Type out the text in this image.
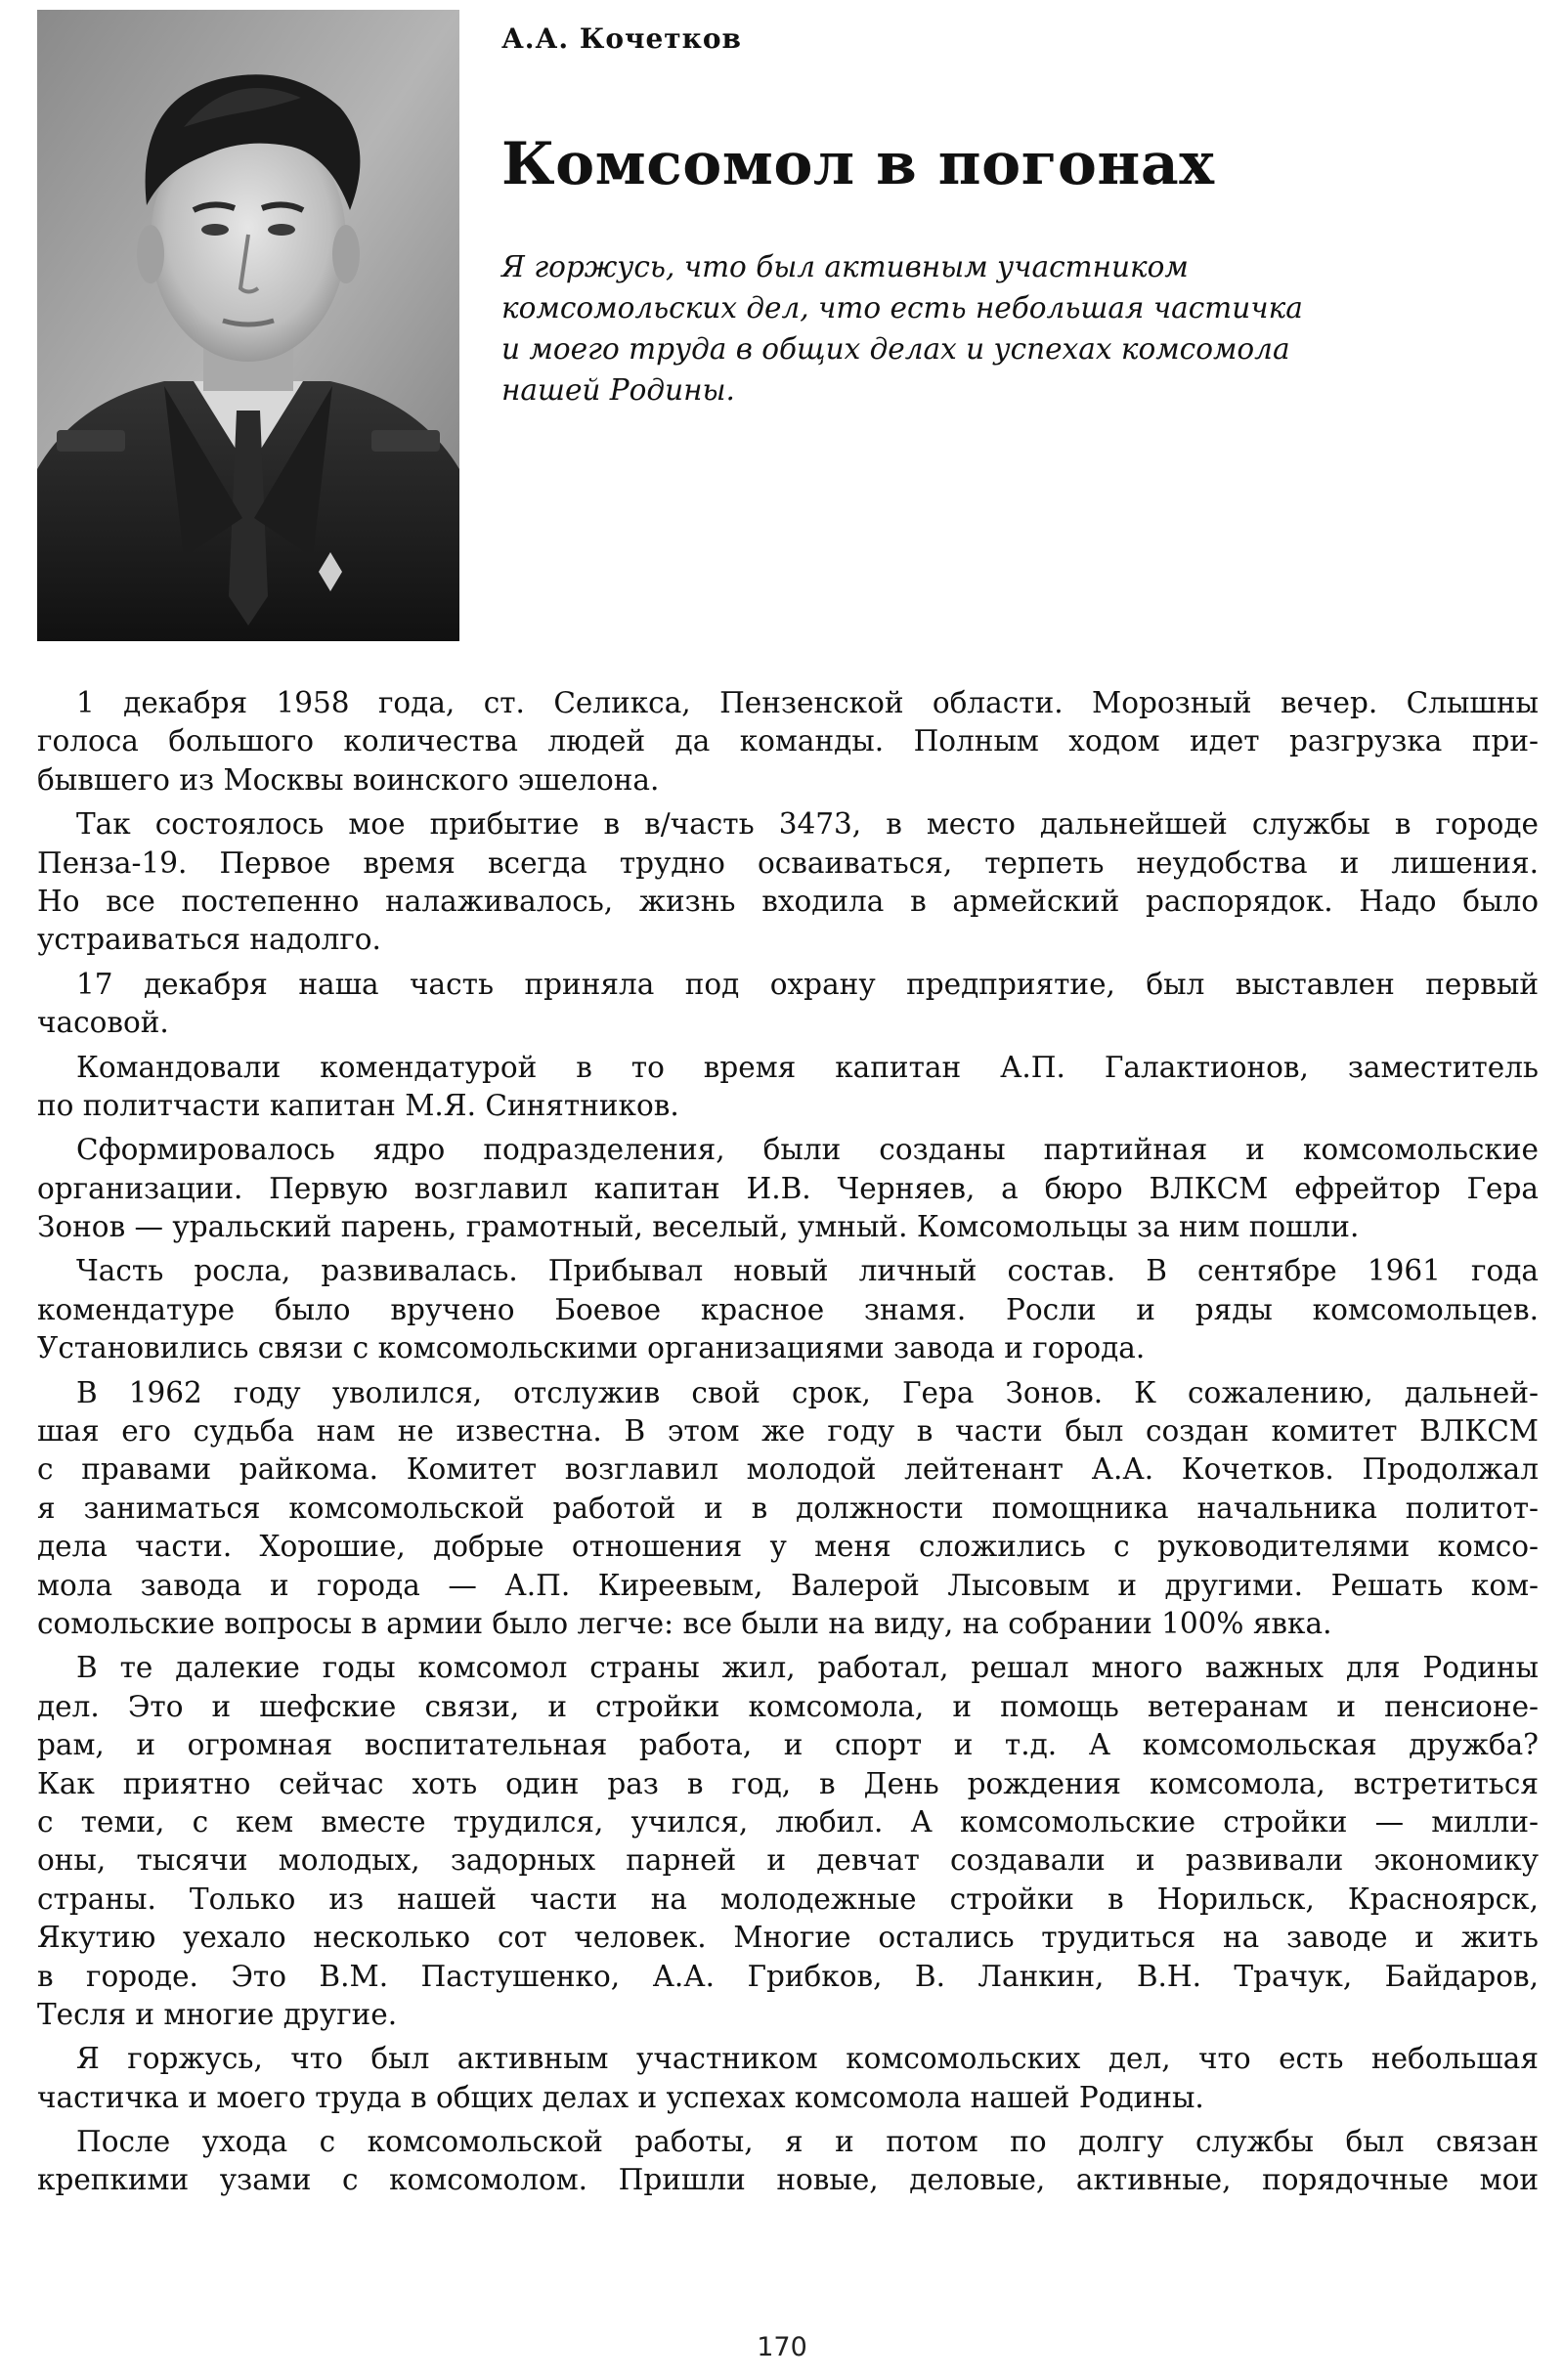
А.А. Кочетков

Комсомол в погонах
Я горжусь, что был активным участником
комсомольских дел, что есть небольшая частичка
и моего труда в общих делах и успехах комсомола
нашей Родины.
1 декабря 1958 года, ст. Селикса, Пензенской области. Морозный вечер. Слышны
голоса большого количества людей да команды. Полным ходом идет разгрузка при-
бывшего из Москвы воинского эшелона.
Так состоялось мое прибытие в в/часть 3473, в место дальнейшей службы в городе
Пенза-19. Первое время всегда трудно осваиваться, терпеть неудобства и лишения.
Но все постепенно налаживалось, жизнь входила в армейский распорядок. Надо было
устраиваться надолго.
17 декабря наша часть приняла под охрану предприятие, был выставлен первый
часовой.
Командовали комендатурой в то время капитан А.П. Галактионов, заместитель
по политчасти капитан М.Я. Синятников.
Сформировалось ядро подразделения, были созданы партийная и комсомольские
организации. Первую возглавил капитан И.В. Черняев, а бюро ВЛКСМ ефрейтор Гера
Зонов — уральский парень, грамотный, веселый, умный. Комсомольцы за ним пошли.
Часть росла, развивалась. Прибывал новый личный состав. В сентябре 1961 года
комендатуре было вручено Боевое красное знамя. Росли и ряды комсомольцев.
Установились связи с комсомольскими организациями завода и города.
В 1962 году уволился, отслужив свой срок, Гера Зонов. К сожалению, дальней-
шая его судьба нам не известна. В этом же году в части был создан комитет ВЛКСМ
с правами райкома. Комитет возглавил молодой лейтенант А.А. Кочетков. Продолжал
я заниматься комсомольской работой и в должности помощника начальника политот-
дела части. Хорошие, добрые отношения у меня сложились с руководителями комсо-
мола завода и города — А.П. Киреевым, Валерой Лысовым и другими. Решать ком-
сомольские вопросы в армии было легче: все были на виду, на собрании 100% явка.
В те далекие годы комсомол страны жил, работал, решал много важных для Родины
дел. Это и шефские связи, и стройки комсомола, и помощь ветеранам и пенсионе-
рам, и огромная воспитательная работа, и спорт и т.д. А комсомольская дружба?
Как приятно сейчас хоть один раз в год, в День рождения комсомола, встретиться
с теми, с кем вместе трудился, учился, любил. А комсомольские стройки — милли-
оны, тысячи молодых, задорных парней и девчат создавали и развивали экономику
страны. Только из нашей части на молодежные стройки в Норильск, Красноярск,
Якутию уехало несколько сот человек. Многие остались трудиться на заводе и жить
в городе. Это В.М. Пастушенко, А.А. Грибков, В. Ланкин, В.Н. Трачук, Байдаров,
Тесля и многие другие.
Я горжусь, что был активным участником комсомольских дел, что есть небольшая
частичка и моего труда в общих делах и успехах комсомола нашей Родины.
После ухода с комсомольской работы, я и потом по долгу службы был связан
крепкими узами с комсомолом. Пришли новые, деловые, активные, порядочные мои
170
